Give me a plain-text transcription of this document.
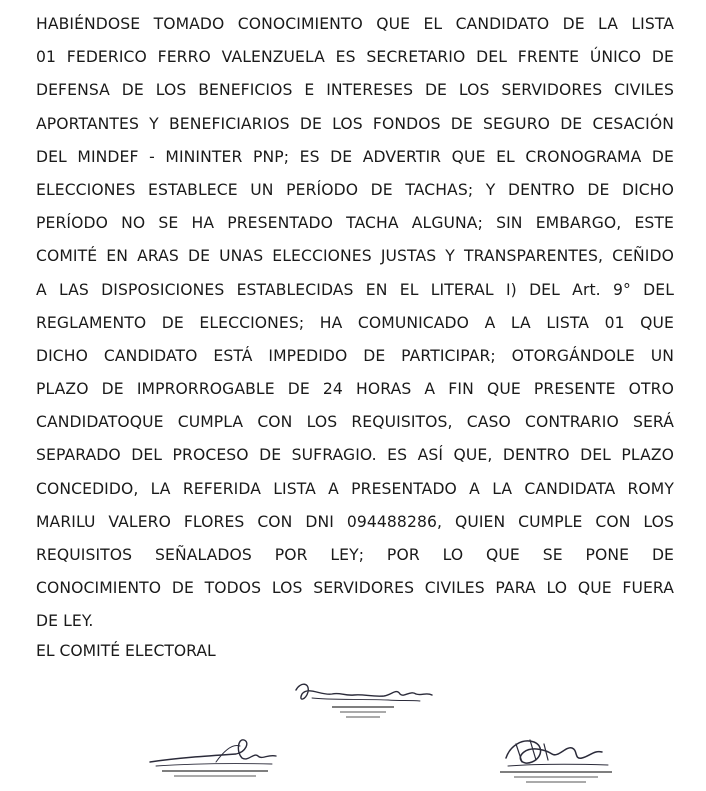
HABIÉNDOSE TOMADO CONOCIMIENTO QUE EL CANDIDATO DE LA LISTA
01 FEDERICO FERRO VALENZUELA ES SECRETARIO DEL FRENTE ÚNICO DE
DEFENSA DE LOS BENEFICIOS E INTERESES DE LOS SERVIDORES CIVILES
APORTANTES Y BENEFICIARIOS DE LOS FONDOS DE SEGURO DE CESACIÓN
DEL MINDEF - MININTER PNP; ES DE ADVERTIR QUE EL CRONOGRAMA DE
ELECCIONES ESTABLECE UN PERÍODO DE TACHAS; Y DENTRO DE DICHO
PERÍODO NO SE HA PRESENTADO TACHA ALGUNA; SIN EMBARGO, ESTE
COMITÉ EN ARAS DE UNAS ELECCIONES JUSTAS Y TRANSPARENTES, CEÑIDO
A LAS DISPOSICIONES ESTABLECIDAS EN EL LITERAL I) DEL Art. 9° DEL
REGLAMENTO DE ELECCIONES; HA COMUNICADO A LA LISTA 01 QUE
DICHO CANDIDATO ESTÁ IMPEDIDO DE PARTICIPAR; OTORGÁNDOLE UN
PLAZO DE IMPRORROGABLE DE 24 HORAS A FIN QUE PRESENTE OTRO
CANDIDATOQUE CUMPLA CON LOS REQUISITOS, CASO CONTRARIO SERÁ
SEPARADO DEL PROCESO DE SUFRAGIO. ES ASÍ QUE, DENTRO DEL PLAZO
CONCEDIDO, LA REFERIDA LISTA A PRESENTADO A LA CANDIDATA ROMY
MARILU VALERO FLORES CON DNI 094488286, QUIEN CUMPLE CON LOS
REQUISITOS SEÑALADOS POR LEY; POR LO QUE SE PONE DE
CONOCIMIENTO DE TODOS LOS SERVIDORES CIVILES PARA LO QUE FUERA
DE LEY.

EL COMITÉ ELECTORAL
